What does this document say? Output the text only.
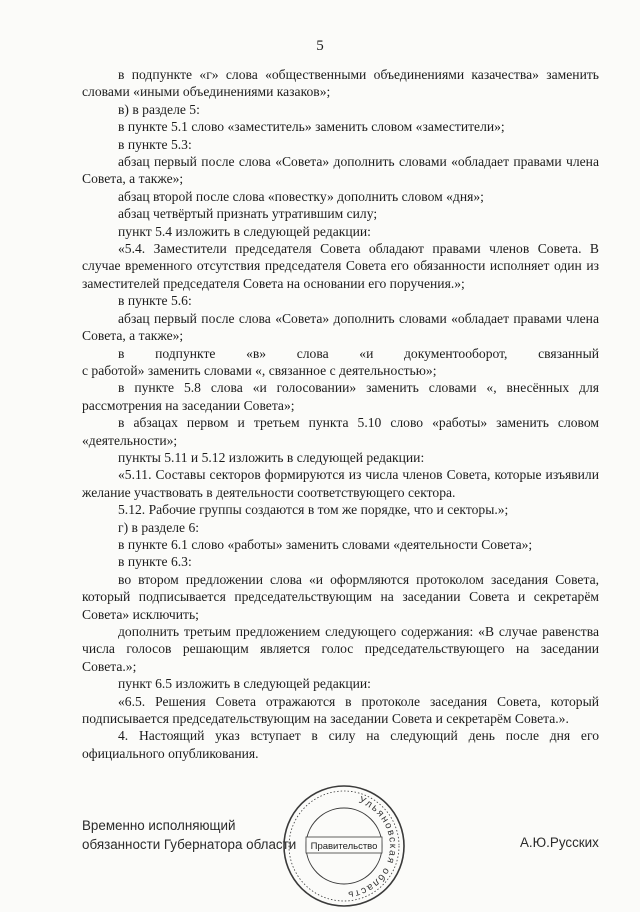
5

в подпункте «г» слова «общественными объединениями казачества» заменить словами «иными объединениями казаков»;

в) в разделе 5:

в пункте 5.1 слово «заместитель» заменить словом «заместители»;

в пункте 5.3:

абзац первый после слова «Совета» дополнить словами «обладает правами члена Совета, а также»;

абзац второй после слова «повестку» дополнить словом «дня»;

абзац четвёртый признать утратившим силу;

пункт 5.4 изложить в следующей редакции:

«5.4. Заместители председателя Совета обладают правами членов Совета. В случае временного отсутствия председателя Совета его обязанности исполняет один из заместителей председателя Совета на основании его поручения.»;

в пункте 5.6:

абзац первый после слова «Совета» дополнить словами «обладает правами члена Совета, а также»;

в подпункте «в» слова «и документооборот, связанный

с работой» заменить словами «, связанное с деятельностью»;

в пункте 5.8 слова «и голосовании» заменить словами «, внесённых для рассмотрения на заседании Совета»;

в абзацах первом и третьем пункта 5.10 слово «работы» заменить словом «деятельности»;

пункты 5.11 и 5.12 изложить в следующей редакции:

«5.11. Составы секторов формируются из числа членов Совета, которые изъявили желание участвовать в деятельности соответствующего сектора.

5.12. Рабочие группы создаются в том же порядке, что и секторы.»;

г) в разделе 6:

в пункте 6.1 слово «работы» заменить словами «деятельности Совета»;

в пункте 6.3:

во втором предложении слова «и оформляются протоколом заседания Совета, который подписывается председательствующим на заседании Совета и секретарём Совета» исключить;

дополнить третьим предложением следующего содержания: «В случае равенства числа голосов решающим является голос председательствующего на заседании Совета.»;

пункт 6.5 изложить в следующей редакции:

«6.5. Решения Совета отражаются в протоколе заседания Совета, который подписывается председательствующим на заседании Совета и секретарём Совета.».

4. Настоящий указ вступает в силу на следующий день после дня его официального опубликования.

Временно исполняющий
обязанности Губернатора области	А.Ю.Русских
Ульяновская область
Правительство
